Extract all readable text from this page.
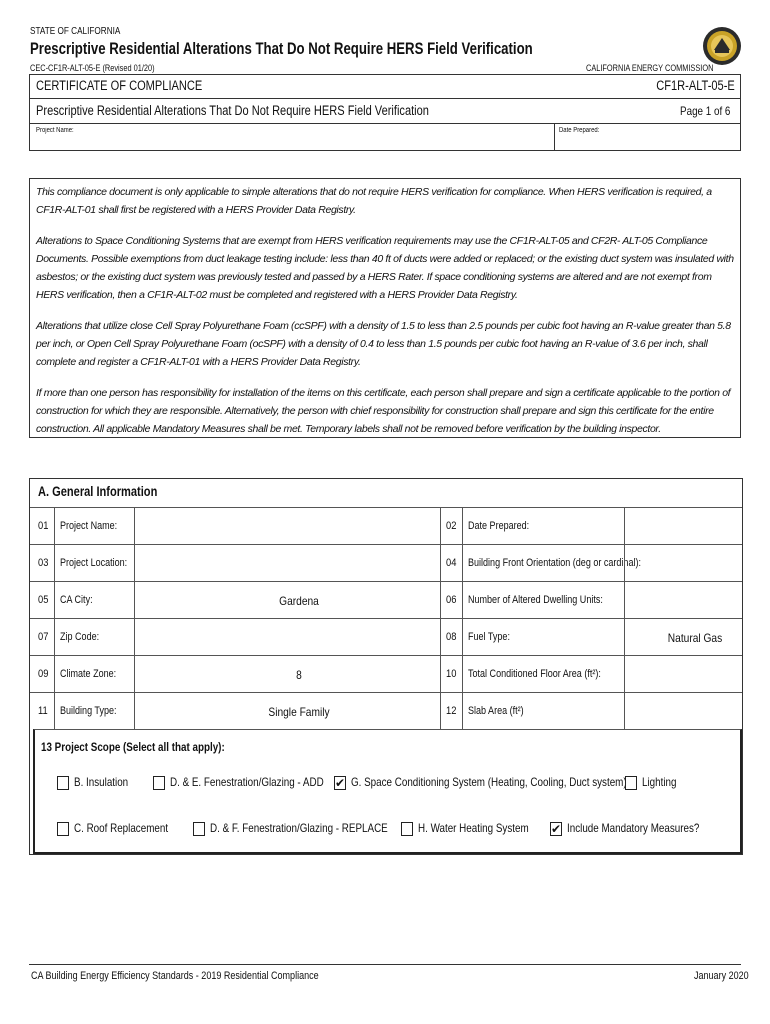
STATE OF CALIFORNIA
Prescriptive Residential Alterations That Do Not Require HERS Field Verification
CEC-CF1R-ALT-05-E (Revised 01/20)	CALIFORNIA ENERGY COMMISSION
CERTIFICATE OF COMPLIANCE	CF1R-ALT-05-E
Prescriptive Residential Alterations That Do Not Require HERS Field Verification	Page 1 of 6
Project Name:	Date Prepared:

This compliance document is only applicable to simple alterations that do not require HERS verification for compliance. When HERS verification is required, a CF1R-ALT-01 shall first be registered with a HERS Provider Data Registry.

Alterations to Space Conditioning Systems that are exempt from HERS verification requirements may use the CF1R-ALT-05 and CF2R- ALT-05 Compliance Documents. Possible exemptions from duct leakage testing include: less than 40 ft of ducts were added or replaced; or the existing duct system was insulated with asbestos; or the existing duct system was previously tested and passed by a HERS Rater. If space conditioning systems are altered and are not exempt from HERS verification, then a CF1R-ALT-02 must be completed and registered with a HERS Provider Data Registry.

Alterations that utilize close Cell Spray Polyurethane Foam (ccSPF) with a density of 1.5 to less than 2.5 pounds per cubic foot having an R-value greater than 5.8 per inch, or Open Cell Spray Polyurethane Foam (ocSPF) with a density of 0.4 to less than 1.5 pounds per cubic foot having an R-value of 3.6 per inch, shall complete and register a CF1R-ALT-01 with a HERS Provider Data Registry.

If more than one person has responsibility for installation of the items on this certificate, each person shall prepare and sign a certificate applicable to the portion of construction for which they are responsible. Alternatively, the person with chief responsibility for construction shall prepare and sign this certificate for the entire construction. All applicable Mandatory Measures shall be met. Temporary labels shall not be removed before verification by the building inspector.

A. General Information
01 Project Name:	02 Date Prepared:
03 Project Location:	04 Building Front Orientation (deg or cardinal):
05 CA City:	Gardena	06 Number of Altered Dwelling Units:
07 Zip Code:	08 Fuel Type:	Natural Gas
09 Climate Zone:	8	10 Total Conditioned Floor Area (ft²):
11 Building Type:	Single Family	12 Slab Area (ft²)
13 Project Scope (Select all that apply):
B. Insulation	D. & E. Fenestration/Glazing - ADD ✔ G. Space Conditioning System (Heating, Cooling, Duct system) Lighting
C. Roof Replacement	D. & F. Fenestration/Glazing - REPLACE	H. Water Heating System ✔ Include Mandatory Measures?
CA Building Energy Efficiency Standards - 2019 Residential Compliance	January 2020
